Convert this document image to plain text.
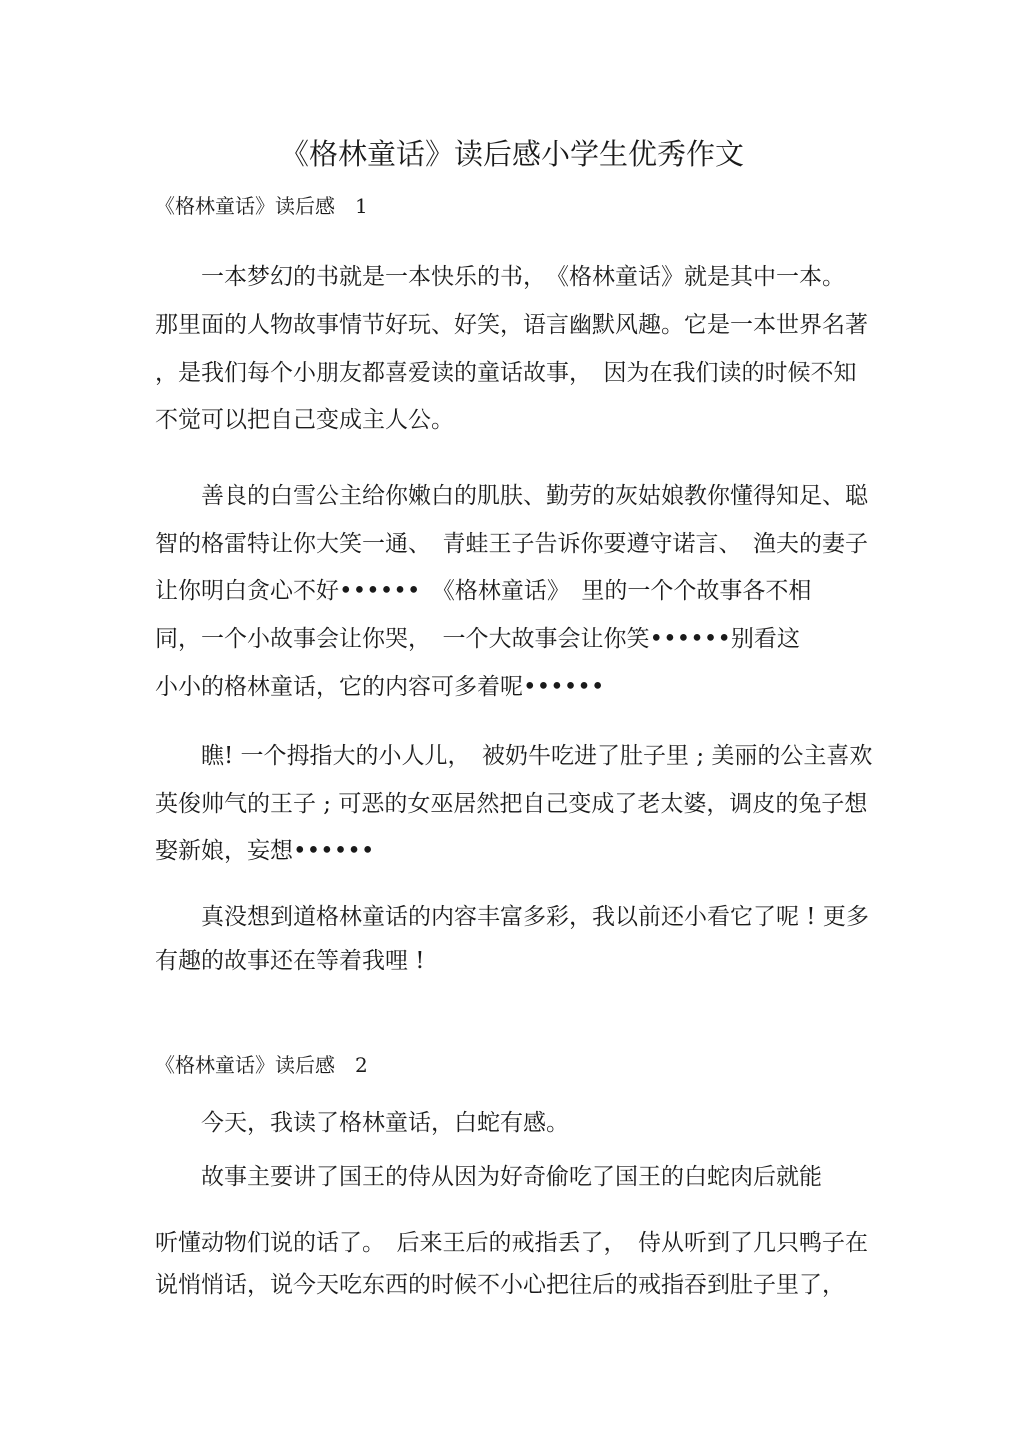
《格林童话》读后感小学生优秀作文
《格林童话》读后感　1
　　一本梦幻的书就是一本快乐的书，　《格林童话》就是其中一本。
那里面的人物故事情节好玩、好笑，语言幽默风趣。它是一本世界名著
，是我们每个小朋友都喜爱读的童话故事，　因为在我们读的时候不知
不觉可以把自己变成主人公。
　　善良的白雪公主给你嫩白的肌肤、勤劳的灰姑娘教你懂得知足、聪
智的格雷特让你大笑一通、　青蛙王子告诉你要遵守诺言、　渔夫的妻子
让你明白贪心不好••••••　《格林童话》　里的一个个故事各不相
同，一个小故事会让你哭，　一个大故事会让你笑••••••别看这
小小的格林童话，它的内容可多着呢••••••
　　瞧! 一个拇指大的小人儿，　被奶牛吃进了肚子里 ; 美丽的公主喜欢
英俊帅气的王子 ; 可恶的女巫居然把自己变成了老太婆，调皮的兔子想
娶新娘，妄想••••••
　　真没想到道格林童话的内容丰富多彩，我以前还小看它了呢 ! 更多
有趣的故事还在等着我哩 !
《格林童话》读后感　2
　　今天，我读了格林童话，白蛇有感。
　　故事主要讲了国王的侍从因为好奇偷吃了国王的白蛇肉后就能
听懂动物们说的话了。　后来王后的戒指丢了，　侍从听到了几只鸭子在
说悄悄话，说今天吃东西的时候不小心把往后的戒指吞到肚子里了，
